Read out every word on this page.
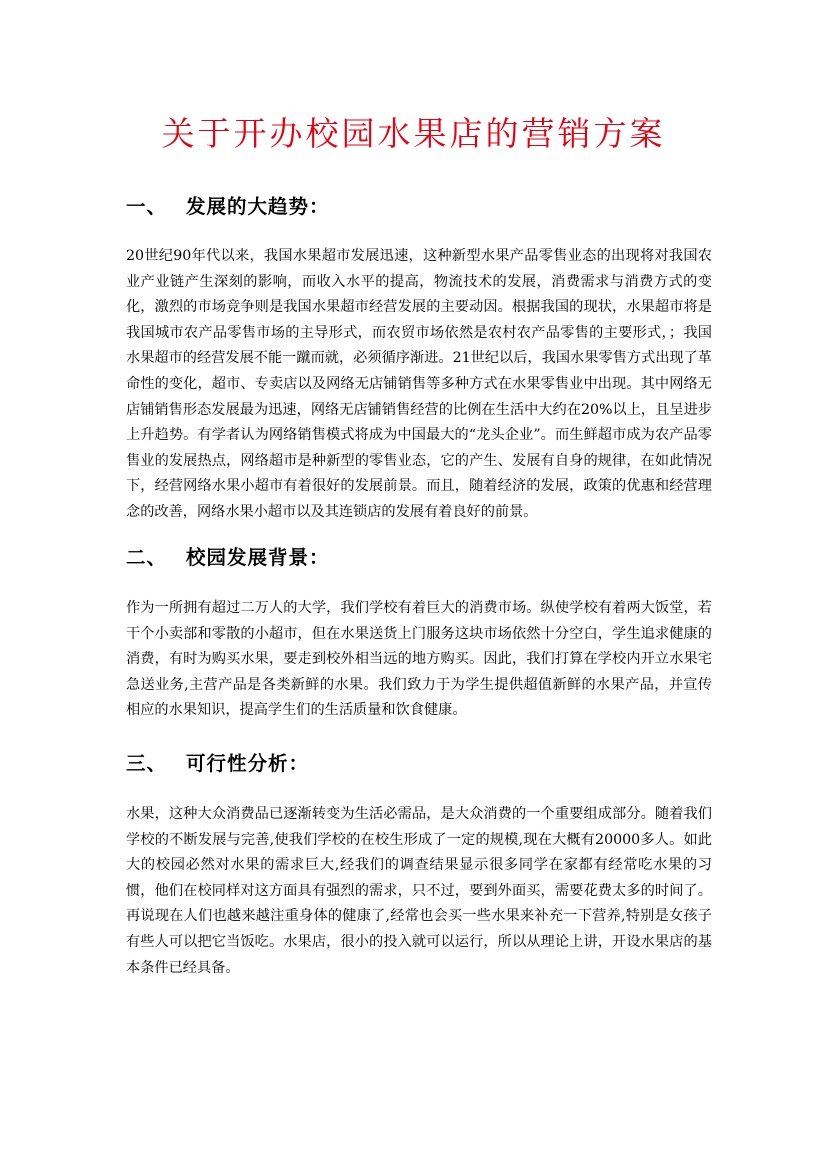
关于开办校园水果店的营销方案
一、 发展的大趋势：

20世纪90年代以来，我国水果超市发展迅速，这种新型水果产品零售业态的出现将对我国农业产业链产生深刻的影响，而收入水平的提高，物流技术的发展，消费需求与消费方式的变化，激烈的市场竞争则是我国水果超市经营发展的主要动因。根据我国的现状，水果超市将是我国城市农产品零售市场的主导形式，而农贸市场依然是农村农产品零售的主要形式，；我国水果超市的经营发展不能一蹴而就，必须循序渐进。21世纪以后，我国水果零售方式出现了革命性的变化，超市、专卖店以及网络无店铺销售等多种方式在水果零售业中出现。其中网络无店铺销售形态发展最为迅速，网络无店铺销售经营的比例在生活中大约在20%以上，且呈进步上升趋势。有学者认为网络销售模式将成为中国最大的“龙头企业”。而生鲜超市成为农产品零售业的发展热点，网络超市是种新型的零售业态，它的产生、发展有自身的规律，在如此情况下，经营网络水果小超市有着很好的发展前景。而且，随着经济的发展，政策的优惠和经营理念的改善，网络水果小超市以及其连锁店的发展有着良好的前景。

二、 校园发展背景：

作为一所拥有超过二万人的大学，我们学校有着巨大的消费市场。纵使学校有着两大饭堂，若干个小卖部和零散的小超市，但在水果送货上门服务这块市场依然十分空白，学生追求健康的消费，有时为购买水果，要走到校外相当远的地方购买。因此，我们打算在学校内开立水果宅急送业务,主营产品是各类新鲜的水果。我们致力于为学生提供超值新鲜的水果产品，并宣传相应的水果知识，提高学生们的生活质量和饮食健康。

三、 可行性分析：

水果，这种大众消费品已逐渐转变为生活必需品，是大众消费的一个重要组成部分。随着我们学校的不断发展与完善,使我们学校的在校生形成了一定的规模,现在大概有20000多人。如此大的校园必然对水果的需求巨大,经我们的调查结果显示很多同学在家都有经常吃水果的习惯，他们在校同样对这方面具有强烈的需求，只不过，要到外面买，需要花费太多的时间了。再说现在人们也越来越注重身体的健康了,经常也会买一些水果来补充一下营养,特别是女孩子有些人可以把它当饭吃。水果店，很小的投入就可以运行，所以从理论上讲，开设水果店的基本条件已经具备。
